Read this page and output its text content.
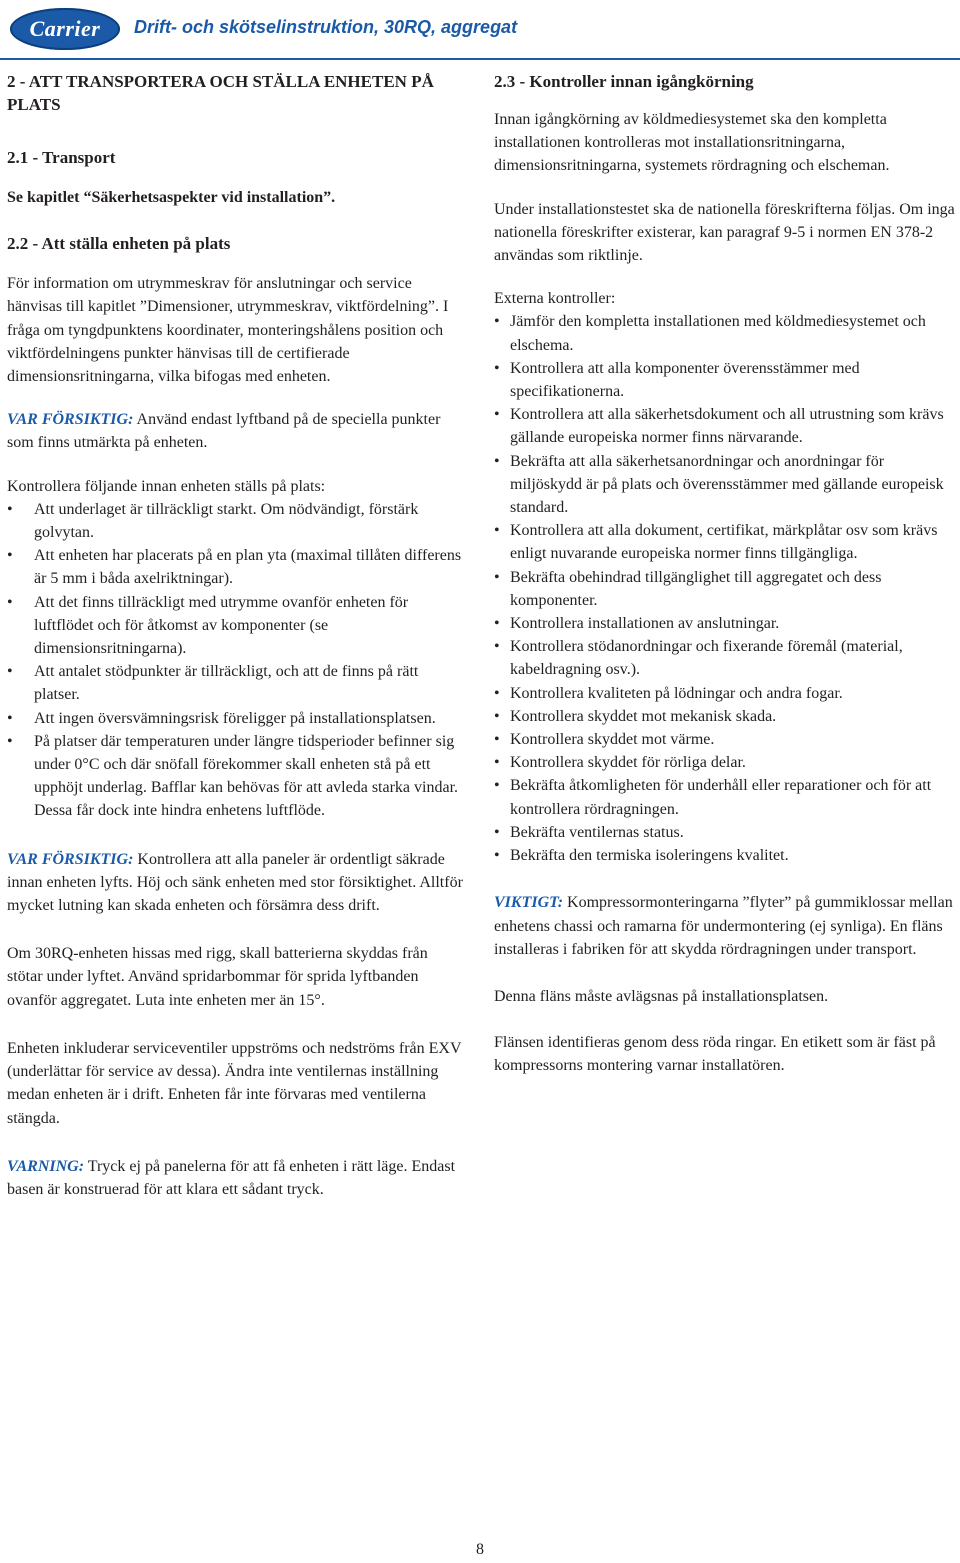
Carrier Drift- och skötselinstruktion, 30RQ, aggregat

2 - ATT TRANSPORTERA OCH STÄLLA ENHETEN PÅ PLATS

2.1 - Transport

Se kapitlet “Säkerhetsaspekter vid installation”.

2.2 - Att ställa enheten på plats

För information om utrymmeskrav för anslutningar och service hänvisas till kapitlet ”Dimensioner, utrymmeskrav, viktfördelning”. I fråga om tyngdpunktens koordinater, monteringshålens position och viktfördelningens punkter hänvisas till de certifierade dimensionsritningarna, vilka bifogas med enheten.

VAR FÖRSIKTIG: Använd endast lyftband på de speciella punkter som finns utmärkta på enheten.

Kontrollera följande innan enheten ställs på plats:

• Att underlaget är tillräckligt starkt. Om nödvändigt, förstärk golvytan.
• Att enheten har placerats på en plan yta (maximal tillåten differens är 5 mm i båda axelriktningar).
• Att det finns tillräckligt med utrymme ovanför enheten för luftflödet och för åtkomst av komponenter (se dimensionsritningarna).
• Att antalet stödpunkter är tillräckligt, och att de finns på rätt platser.
• Att ingen översvämningsrisk föreligger på installationsplatsen.
• På platser där temperaturen under längre tidsperioder befinner sig under 0°C och där snöfall förekommer skall enheten stå på ett upphöjt underlag. Bafflar kan behövas för att avleda starka vindar. Dessa får dock inte hindra enhetens luftflöde.

VAR FÖRSIKTIG: Kontrollera att alla paneler är ordentligt säkrade innan enheten lyfts. Höj och sänk enheten med stor försiktighet. Alltför mycket lutning kan skada enheten och försämra dess drift.

Om 30RQ-enheten hissas med rigg, skall batterierna skyddas från stötar under lyftet. Använd spridarbommar för sprida lyftbanden ovanför aggregatet. Luta inte enheten mer än 15°.

Enheten inkluderar serviceventiler uppströms och nedströms från EXV (underlättar för service av dessa). Ändra inte ventilernas inställning medan enheten är i drift. Enheten får inte förvaras med ventilerna stängda.

VARNING: Tryck ej på panelerna för att få enheten i rätt läge. Endast basen är konstruerad för att klara ett sådant tryck.

2.3 - Kontroller innan igångkörning

Innan igångkörning av köldmediesystemet ska den kompletta installationen kontrolleras mot installationsritningarna, dimensionsritningarna, systemets rördragning och elscheman.

Under installationstestet ska de nationella föreskrifterna följas. Om inga nationella föreskrifter existerar, kan paragraf 9-5 i normen EN 378-2 användas som riktlinje.

Externa kontroller:

• Jämför den kompletta installationen med köldmediesystemet och elschema.
• Kontrollera att alla komponenter överensstämmer med specifikationerna.
• Kontrollera att alla säkerhetsdokument och all utrustning som krävs gällande europeiska normer finns närvarande.
• Bekräfta att alla säkerhetsanordningar och anordningar för miljöskydd är på plats och överensstämmer med gällande europeisk standard.
• Kontrollera att alla dokument, certifikat, märkplåtar osv som krävs enligt nuvarande europeiska normer finns tillgängliga.
• Bekräfta obehindrad tillgänglighet till aggregatet och dess komponenter.
• Kontrollera installationen av anslutningar.
• Kontrollera stödanordningar och fixerande föremål (material, kabeldragning osv.).
• Kontrollera kvaliteten på lödningar och andra fogar.
• Kontrollera skyddet mot mekanisk skada.
• Kontrollera skyddet mot värme.
• Kontrollera skyddet för rörliga delar.
• Bekräfta åtkomligheten för underhåll eller reparationer och för att kontrollera rördragningen.
• Bekräfta ventilernas status.
• Bekräfta den termiska isoleringens kvalitet.

VIKTIGT: Kompressormonteringarna ”flyter” på gummiklossar mellan enhetens chassi och ramarna för undermontering (ej synliga). En fläns installeras i fabriken för att skydda rördragningen under transport.

Denna fläns måste avlägsnas på installationsplatsen.

Flänsen identifieras genom dess röda ringar. En etikett som är fäst på kompressorns montering varnar installatören.

8
